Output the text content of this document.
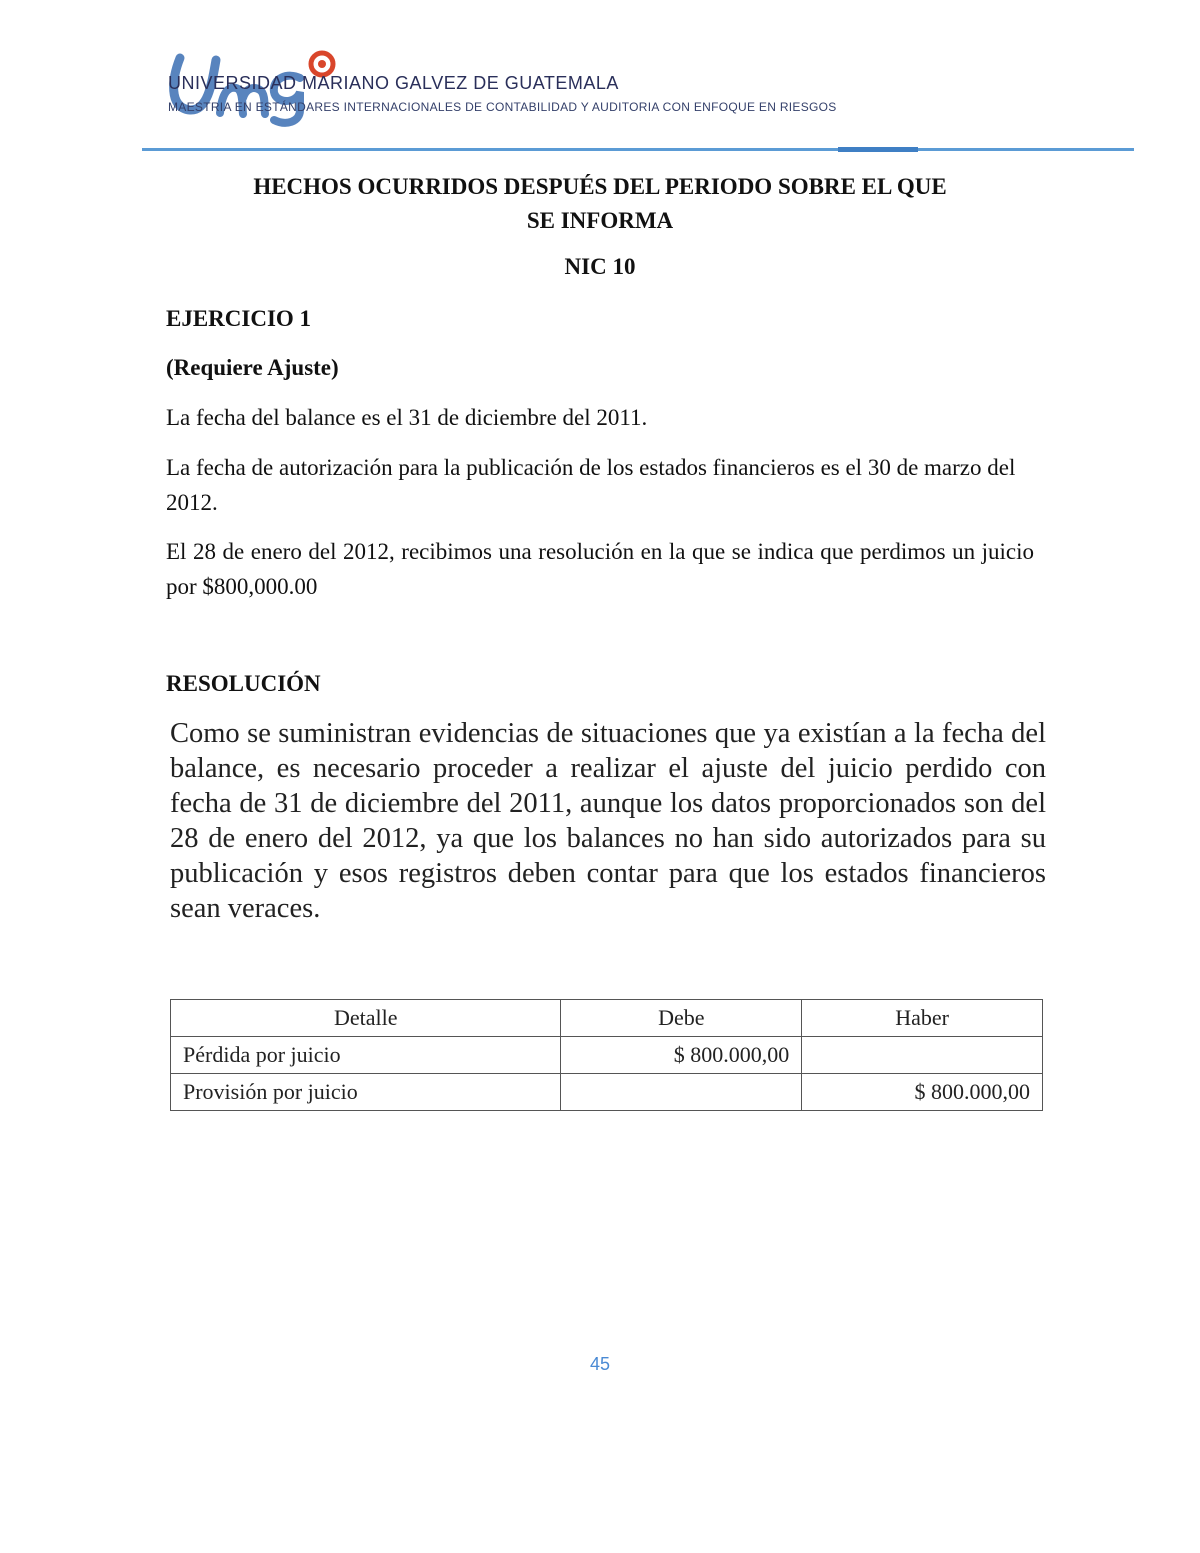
UNIVERSIDAD MARIANO GALVEZ DE GUATEMALA
MAESTRIA EN ESTÁNDARES INTERNACIONALES DE CONTABILIDAD Y AUDITORIA CON ENFOQUE EN RIESGOS
HECHOS OCURRIDOS DESPUÉS DEL PERIODO SOBRE EL QUE
SE INFORMA
NIC 10
EJERCICIO 1
(Requiere Ajuste)
La fecha del balance es el 31 de diciembre del 2011.
La fecha de autorización para la publicación de los estados financieros es el 30 de marzo del 2012.
El 28 de enero del 2012, recibimos una resolución en la que se indica que perdimos un juicio por $800,000.00
RESOLUCIÓN
Como se suministran evidencias de situaciones que ya existían a la fecha del balance, es necesario proceder a realizar el ajuste del juicio perdido con fecha de 31 de diciembre del 2011, aunque los datos proporcionados son del 28 de enero del 2012, ya que los balances no han sido autorizados para su publicación y esos registros deben contar para que los estados financieros sean veraces.
Detalle	Debe	Haber
Pérdida por juicio	$ 800.000,00	
Provisión por juicio		$ 800.000,00
45
